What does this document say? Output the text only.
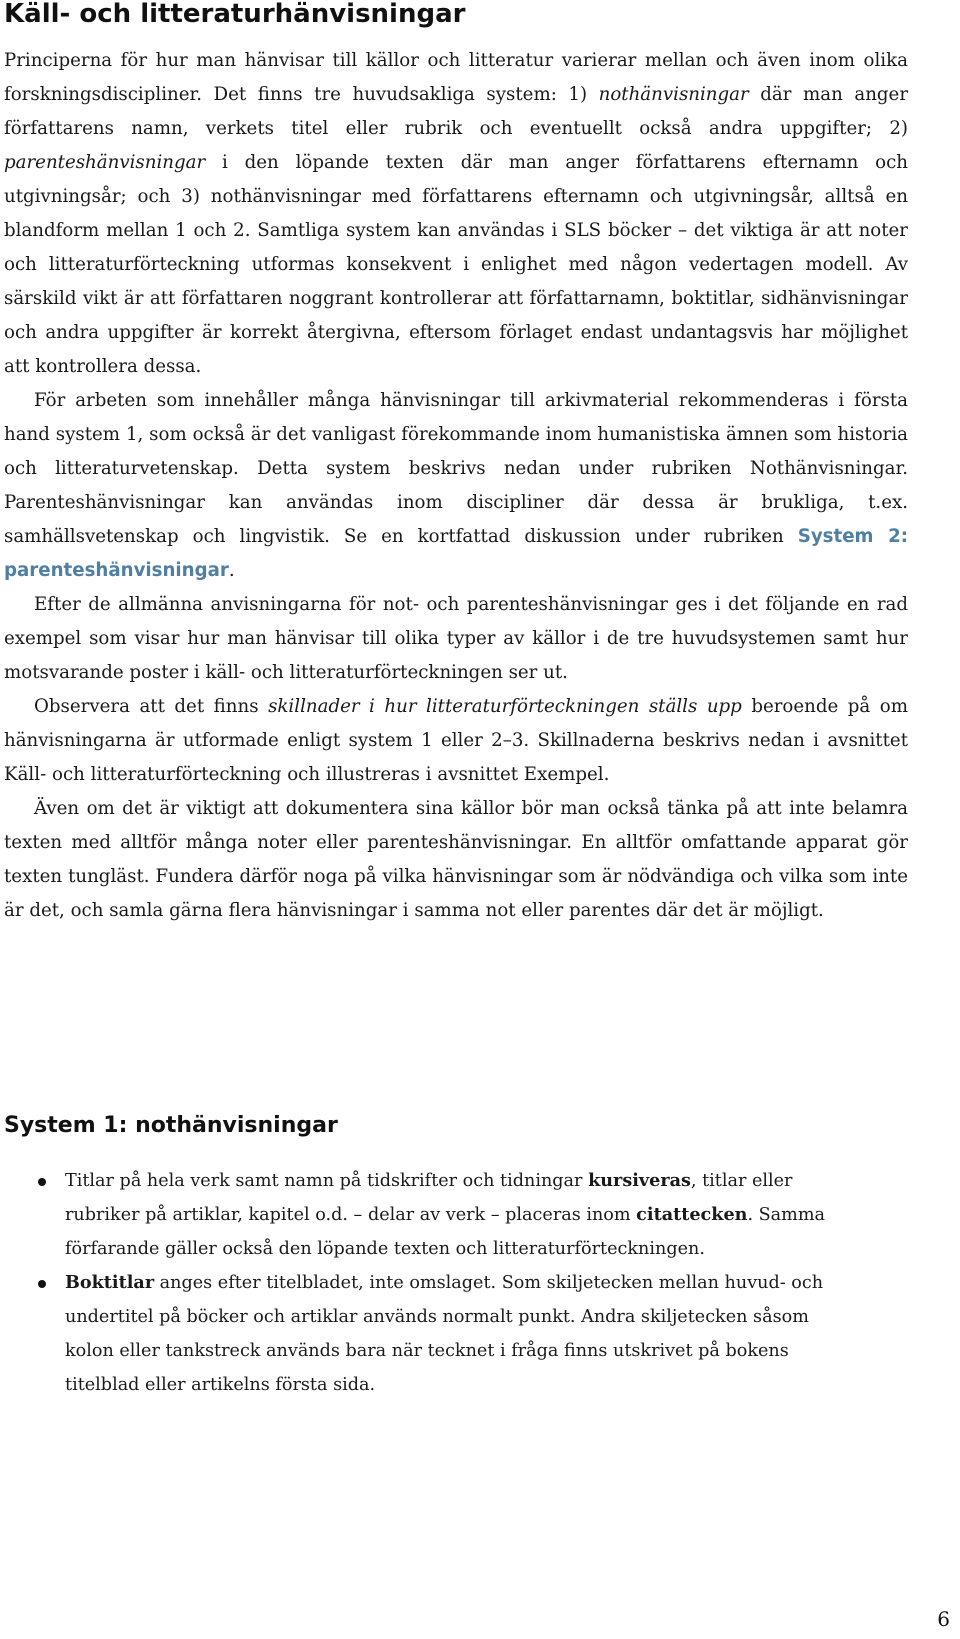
Käll- och litteraturhänvisningar

Principerna för hur man hänvisar till källor och litteratur varierar mellan och även inom olika forskningsdiscipliner. Det finns tre huvudsakliga system: 1) nothänvisningar där man anger författarens namn, verkets titel eller rubrik och eventuellt också andra uppgifter; 2) parenteshänvisningar i den löpande texten där man anger författarens efternamn och utgivningsår; och 3) nothänvisningar med författarens efternamn och utgivningsår, alltså en blandform mellan 1 och 2. Samtliga system kan användas i SLS böcker – det viktiga är att noter och litteraturförteckning utformas konsekvent i enlighet med någon vedertagen modell. Av särskild vikt är att författaren noggrant kontrollerar att författarnamn, boktitlar, sidhänvisningar och andra uppgifter är korrekt återgivna, eftersom förlaget endast undantagsvis har möjlighet att kontrollera dessa.

För arbeten som innehåller många hänvisningar till arkivmaterial rekommenderas i första hand system 1, som också är det vanligast förekommande inom humanistiska ämnen som historia och litteraturvetenskap. Detta system beskrivs nedan under rubriken Nothänvisningar. Parenteshänvisningar kan användas inom discipliner där dessa är brukliga, t.ex. samhällsvetenskap och lingvistik. Se en kortfattad diskussion under rubriken System 2: parenteshänvisningar.

Efter de allmänna anvisningarna för not- och parenteshänvisningar ges i det följande en rad exempel som visar hur man hänvisar till olika typer av källor i de tre huvudsystemen samt hur motsvarande poster i käll- och litteraturförteckningen ser ut.

Observera att det finns skillnader i hur litteraturförteckningen ställs upp beroende på om hänvisningarna är utformade enligt system 1 eller 2–3. Skillnaderna beskrivs nedan i avsnittet Käll- och litteraturförteckning och illustreras i avsnittet Exempel.

Även om det är viktigt att dokumentera sina källor bör man också tänka på att inte belamra texten med alltför många noter eller parenteshänvisningar. En alltför omfattande apparat gör texten tungläst. Fundera därför noga på vilka hänvisningar som är nödvändiga och vilka som inte är det, och samla gärna flera hänvisningar i samma not eller parentes där det är möjligt.

System 1: nothänvisningar
Titlar på hela verk samt namn på tidskrifter och tidningar kursiveras, titlar eller rubriker på artiklar, kapitel o.d. – delar av verk – placeras inom citattecken. Samma förfarande gäller också den löpande texten och litteraturförteckningen.
Boktitlar anges efter titelbladet, inte omslaget. Som skiljetecken mellan huvud- och undertitel på böcker och artiklar används normalt punkt. Andra skiljetecken såsom kolon eller tankstreck används bara när tecknet i fråga finns utskrivet på bokens titelblad eller artikelns första sida.
6
